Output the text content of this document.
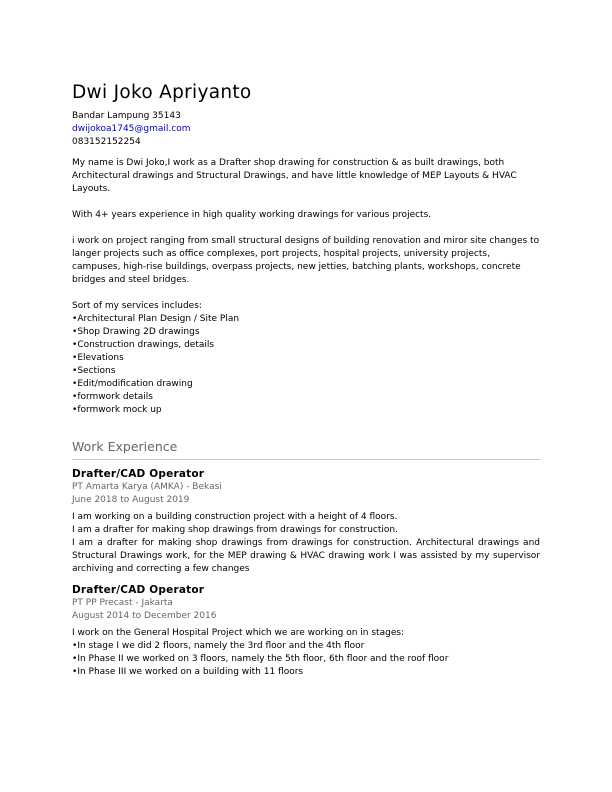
Dwi Joko Apriyanto
Bandar Lampung 35143
dwijokoa1745@gmail.com
083152152254

My name is Dwi Joko,I work as a Drafter shop drawing for construction & as built drawings, both Architectural drawings and Structural Drawings, and have little knowledge of MEP Layouts & HVAC Layouts.

With 4+ years experience in high quality working drawings for various projects.

i work on project ranging from small structural designs of building renovation and miror site changes to langer projects such as office complexes, port projects, hospital projects, university projects, campuses, high-rise buildings, overpass projects, new jetties, batching plants, workshops, concrete bridges and steel bridges.

Sort of my services includes:
• Architectural Plan Design / Site Plan
• Shop Drawing 2D drawings
• Construction drawings, details
• Elevations
• Sections
• Edit/modification drawing
• formwork details
• formwork mock up
Work Experience
Drafter/CAD Operator
PT Amarta Karya (AMKA) - Bekasi
June 2018 to August 2019
I am working on a building construction project with a height of 4 floors.
I am a drafter for making shop drawings from drawings for construction.
I am a drafter for making shop drawings from drawings for construction. Architectural drawings and Structural Drawings work, for the MEP drawing & HVAC drawing work I was assisted by my supervisor archiving and correcting a few changes
Drafter/CAD Operator
PT PP Precast - Jakarta
August 2014 to December 2016
I work on the General Hospital Project which we are working on in stages:
• In stage I we did 2 floors, namely the 3rd floor and the 4th floor
• In Phase II we worked on 3 floors, namely the 5th floor, 6th floor and the roof floor
• In Phase III we worked on a building with 11 floors
